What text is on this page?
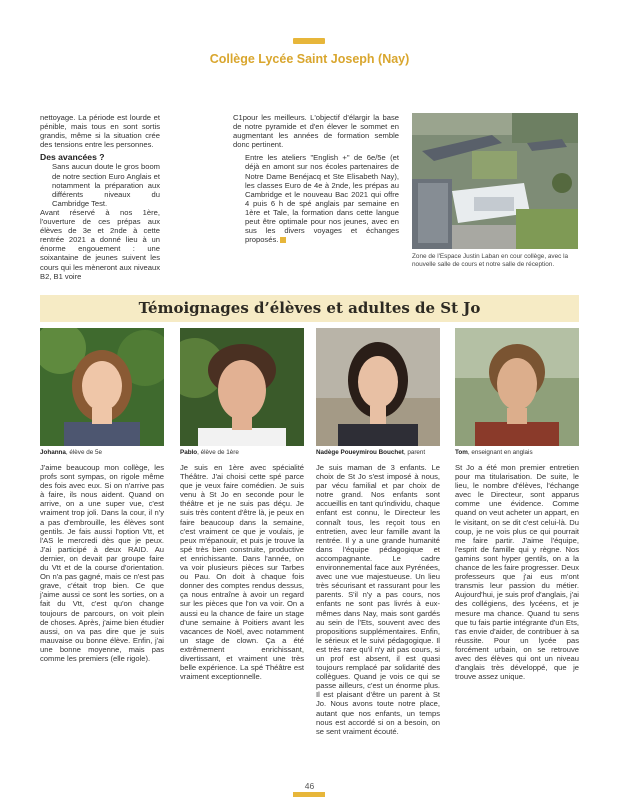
Collège Lycée Saint Joseph (Nay)

nettoyage. La période est lourde et pénible, mais tous en sont sortis grandis, même si la situation crée des tensions entre les personnes.

Des avancées ?

Sans aucun doute le gros boom de notre section Euro Anglais et notamment la préparation aux différents niveaux du Cambridge Test.

Avant réservé à nos 1ère, l'ouverture de ces prépas aux élèves de 3e et 2nde à cette rentrée 2021 a donné lieu à un énorme engouement : une soixantaine de jeunes suivent les cours qui les mèneront aux niveaux B2, B1 voire

C1pour les meilleurs. L'objectif d'élargir la base de notre pyramide et d'en élever le sommet en augmentant les années de formation semble donc pertinent.

Entre les ateliers "English +" de 6e/5e (et déjà en amont sur nos écoles partenaires de Notre Dame Benéjacq et Ste Elisabeth Nay), les classes Euro de 4e à 2nde, les prépas au Cambridge et le nouveau Bac 2021 qui offre 4 puis 6 h de spé anglais par semaine en 1ère et Tale, la formation dans cette langue peut être optimale pour nos jeunes, avec en sus les divers voyages et échanges proposés.

Zone de l'Espace Justin Laban en cour collège, avec la nouvelle salle de cours et notre salle de réception.
Témoignages d’élèves et adultes de St Jo
Johanna, élève de 5e	Pablo, élève de 1ère	Nadège Poueymirou Bouchet, parent	Tom, enseignant en anglais
J'aime beaucoup mon collège, les profs sont sympas, on rigole même des fois avec eux. Si on n'arrive pas à faire, ils nous aident. Quand on arrive, on a une super vue, c'est vraiment trop joli. Dans la cour, il n'y a pas d'embrouille, les élèves sont gentils. Je fais aussi l'option Vtt, et l'AS le mercredi dès que je peux. J'ai participé à deux RAID. Au dernier, on devait par groupe faire du Vtt et de la course d'orientation. On n'a pas gagné, mais ce n'est pas grave, c'était trop bien. Ce que j'aime aussi ce sont les sorties, on a fait du Vtt, c'est qu'on change toujours de parcours, on voit plein de choses. Après, j'aime bien étudier aussi, on va pas dire que je suis mauvaise ou bonne élève. Enfin, j'ai une bonne moyenne, mais pas comme les premiers (elle rigole).
Je suis en 1ère avec spécialité Théâtre. J'ai choisi cette spé parce que je veux faire comédien. Je suis venu à St Jo en seconde pour le théâtre et je ne suis pas déçu. Je suis très content d'être là, je peux en faire beaucoup dans la semaine, c'est vraiment ce que je voulais, je peux m'épanouir, et puis je trouve la spé très bien construite, productive et enrichissante. Dans l'année, on va voir plusieurs pièces sur Tarbes ou Pau. On doit à chaque fois donner des comptes rendus dessus, ça nous entraîne à avoir un regard sur les pièces que l'on va voir. On a aussi eu la chance de faire un stage d'une semaine à Poitiers avant les vacances de Noël, avec notamment un stage de clown. Ça a été extrêmement enrichissant, divertissant, et vraiment une très belle expérience. La spé Théâtre est vraiment exceptionnelle.
Je suis maman de 3 enfants. Le choix de St Jo s'est imposé à nous, par vécu familial et par choix de notre grand. Nos enfants sont accueillis en tant qu'individu, chaque enfant est connu, le Directeur les connaît tous, les reçoit tous en entretien, avec leur famille avant la rentrée. Il y a une grande humanité dans l'équipe pédagogique et accompagnante. Le cadre environnemental face aux Pyrénées, avec une vue majestueuse. Un lieu très sécurisant et rassurant pour les parents. S'il n'y a pas cours, nos enfants ne sont pas livrés à eux-mêmes dans Nay, mais sont gardés au sein de l'Ets, souvent avec des propositions supplémentaires. Enfin, le sérieux et le suivi pédagogique. Il est très rare qu'il n'y ait pas cours, si un prof est absent, il est quasi toujours remplacé par solidarité des collègues. Quand je vois ce qui se passe ailleurs, c'est un énorme plus. Il est plaisant d'être un parent à St Jo. Nous avons toute notre place, autant que nos enfants, un temps nous est accordé si on a besoin, on se sent vraiment écouté.
St Jo a été mon premier entretien pour ma titularisation. De suite, le lieu, le nombre d'élèves, l'échange avec le Directeur, sont apparus comme une évidence. Comme quand on veut acheter un appart, en le visitant, on se dit c'est celui-là. Du coup, je ne vois plus ce qui pourrait me faire partir. J'aime l'équipe, l'esprit de famille qui y règne. Nos gamins sont hyper gentils, on a la chance de les faire progresser. Deux professeurs que j'ai eus m'ont transmis leur passion du métier. Aujourd'hui, je suis prof d'anglais, j'ai des collégiens, des lycéens, et je mesure ma chance. Quand tu sens que tu fais partie intégrante d'un Ets, t'as envie d'aider, de contribuer à sa réussite. Pour un lycée pas forcément urbain, on se retrouve avec des élèves qui ont un niveau d'anglais très développé, que je trouve assez unique.
46
